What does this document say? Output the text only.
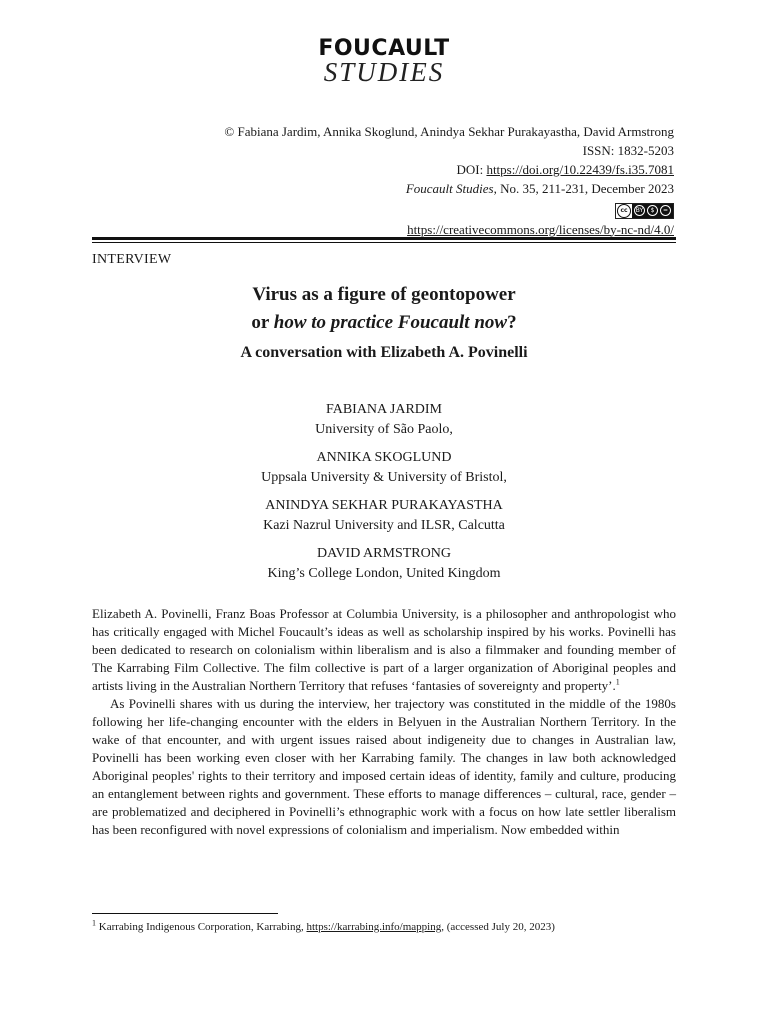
FOUCAULT
STUDIES
© Fabiana Jardim, Annika Skoglund, Anindya Sekhar Purakayastha, David Armstrong
ISSN: 1832-5203
DOI: https://doi.org/10.22439/fs.i35.7081
Foucault Studies, No. 35, 211-231, December 2023
cc	BY	$	=
https://creativecommons.org/licenses/by-nc-nd/4.0/
INTERVIEW
Virus as a figure of geontopower
or how to practice Foucault now?
A conversation with Elizabeth A. Povinelli
FABIANA JARDIM
University of São Paolo,
ANNIKA SKOGLUND
Uppsala University & University of Bristol,
ANINDYA SEKHAR PURAKAYASTHA
Kazi Nazrul University and ILSR, Calcutta
DAVID ARMSTRONG
King’s College London, United Kingdom

Elizabeth A. Povinelli, Franz Boas Professor at Columbia University, is a philosopher and anthropologist who has critically engaged with Michel Foucault’s ideas as well as scholarship inspired by his works. Povinelli has been dedicated to research on colonialism within liberalism and is also a filmmaker and founding member of The Karrabing Film Collective. The film collective is part of a larger organization of Aboriginal peoples and artists living in the Australian Northern Territory that refuses ‘fantasies of sovereignty and property’.$^1$

As Povinelli shares with us during the interview, her trajectory was constituted in the middle of the 1980s following her life-changing encounter with the elders in Belyuen in the Australian Northern Territory. In the wake of that encounter, and with urgent issues raised about indigeneity due to changes in Australian law, Povinelli has been working even closer with her Karrabing family. The changes in law both acknowledged Aboriginal peoples' rights to their territory and imposed certain ideas of identity, family and culture, producing an entanglement between rights and government. These efforts to manage differences – cultural, race, gender – are problematized and deciphered in Povinelli’s ethnographic work with a focus on how late settler liberalism has been reconfigured with novel expressions of colonialism and imperialism. Now embedded within

$^1$ Karrabing Indigenous Corporation, Karrabing, https://karrabing.info/mapping, (accessed July 20, 2023)
